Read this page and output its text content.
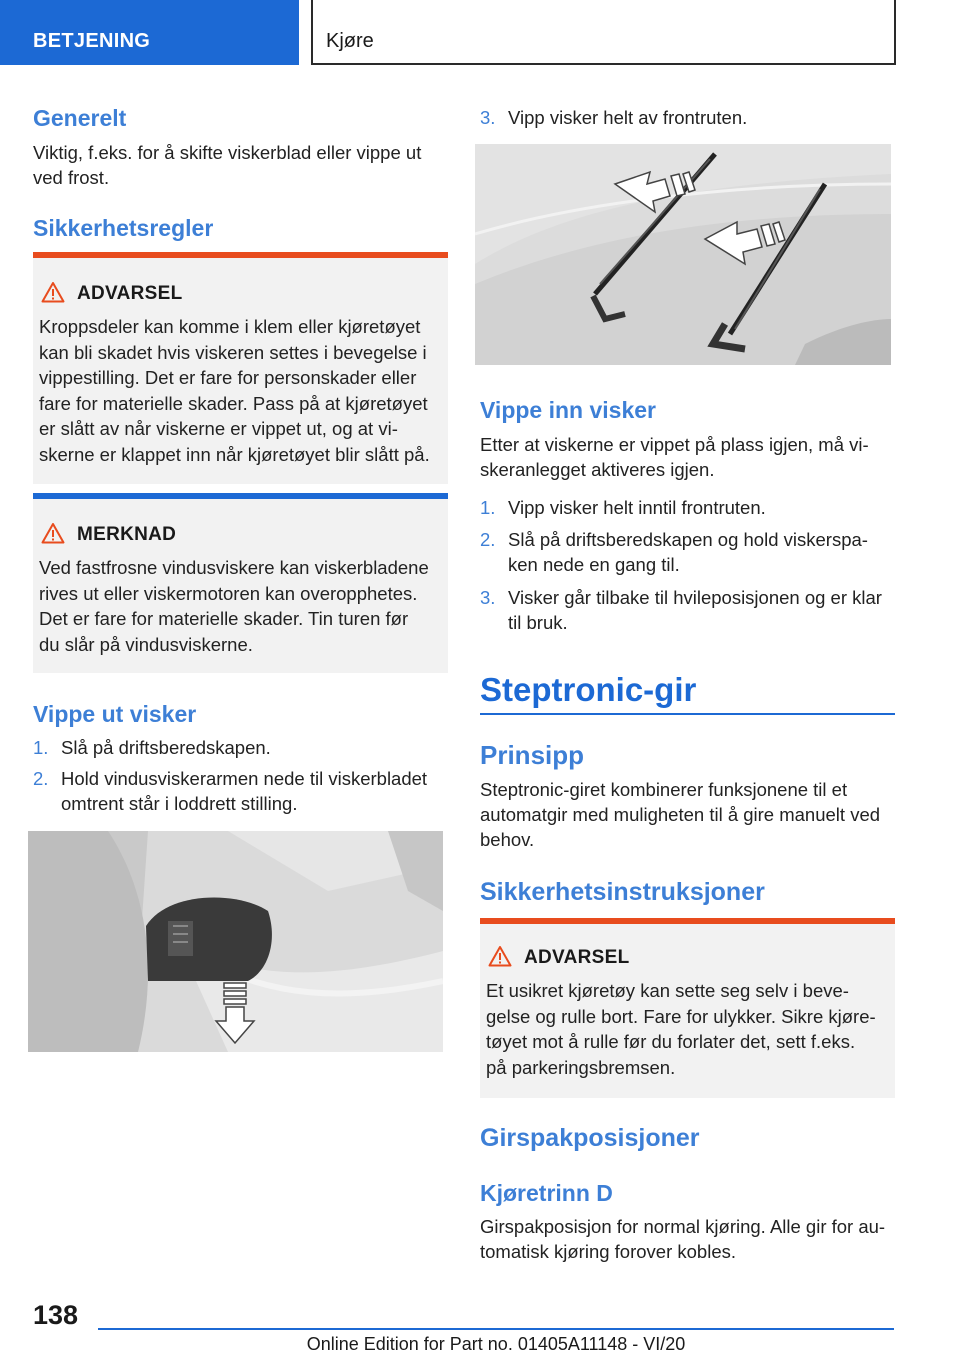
BETJENING	Kjøre
Generelt
Viktig, f.eks. for å skifte viskerblad eller vippe ut
ved frost.
Sikkerhetsregler
ADVARSEL
Kroppsdeler kan komme i klem eller kjøretøyet
kan bli skadet hvis viskeren settes i bevegelse i
vippestilling. Det er fare for personskader eller
fare for materielle skader. Pass på at kjøretøyet
er slått av når viskerne er vippet ut, og at vi-
skerne er klappet inn når kjøretøyet blir slått på.
MERKNAD
Ved fastfrosne vindusviskere kan viskerbladene
rives ut eller viskermotoren kan overopphetes.
Det er fare for materielle skader. Tin turen før
du slår på vindusviskerne.
Vippe ut visker
1. Slå på driftsberedskapen.
2. Hold vindusviskerarmen nede til viskerbladet
omtrent står i loddrett stilling.
3. Vipp visker helt av frontruten.
Vippe inn visker
Etter at viskerne er vippet på plass igjen, må vi-
skeranlegget aktiveres igjen.
1. Vipp visker helt inntil frontruten.
2. Slå på driftsberedskapen og hold viskerspa-
ken nede en gang til.
3. Visker går tilbake til hvileposisjonen og er klar
til bruk.
Steptronic-gir
Prinsipp
Steptronic-giret kombinerer funksjonene til et
automatgir med muligheten til å gire manuelt ved
behov.
Sikkerhetsinstruksjoner
ADVARSEL
Et usikret kjøretøy kan sette seg selv i beve-
gelse og rulle bort. Fare for ulykker. Sikre kjøre-
tøyet mot å rulle før du forlater det, sett f.eks.
på parkeringsbremsen.
Girspakposisjoner
Kjøretrinn D
Girspakposisjon for normal kjøring. Alle gir for au-
tomatisk kjøring forover kobles.
138
Online Edition for Part no. 01405A11148 - VI/20
